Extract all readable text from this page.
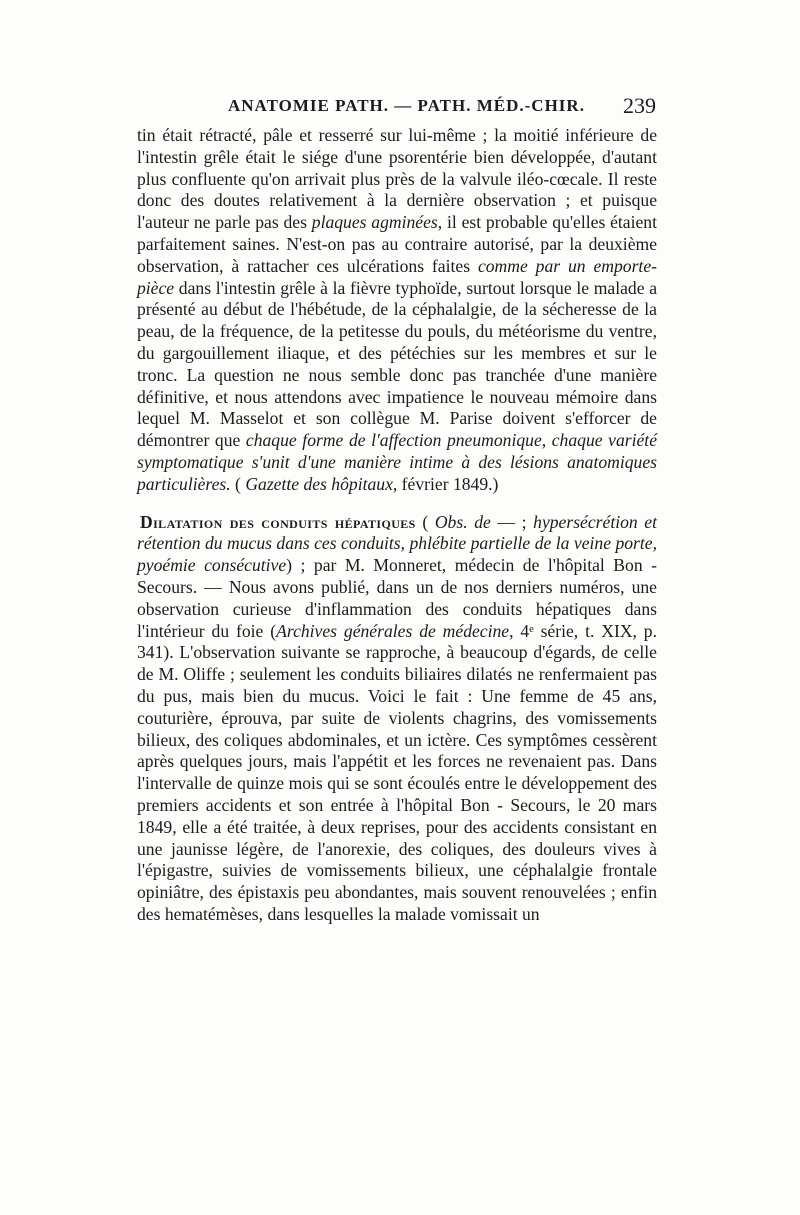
ANATOMIE PATH. — PATH. MÉD.-CHIR. 239

tin était rétracté, pâle et resserré sur lui-même ; la moitié inférieure de l'intestin grêle était le siége d'une psorentérie bien développée, d'autant plus confluente qu'on arrivait plus près de la valvule iléo-cœcale. Il reste donc des doutes relativement à la dernière observation ; et puisque l'auteur ne parle pas des plaques agminées, il est probable qu'elles étaient parfaitement saines. N'est-on pas au contraire autorisé, par la deuxième observation, à rattacher ces ulcérations faites comme par un emporte-pièce dans l'intestin grêle à la fièvre typhoïde, surtout lorsque le malade a présenté au début de l'hébétude, de la céphalalgie, de la sécheresse de la peau, de la fréquence, de la petitesse du pouls, du météorisme du ventre, du gargouillement iliaque, et des pétéchies sur les membres et sur le tronc. La question ne nous semble donc pas tranchée d'une manière définitive, et nous attendons avec impatience le nouveau mémoire dans lequel M. Masselot et son collègue M. Parise doivent s'efforcer de démontrer que chaque forme de l'affection pneumonique, chaque variété symptomatique s'unit d'une manière intime à des lésions anatomiques particulières. ( Gazette des hôpitaux, février 1849.)

Dilatation des conduits hépatiques ( Obs. de — ; hypersécrétion et rétention du mucus dans ces conduits, phlébite partielle de la veine porte, pyoémie consécutive) ; par M. Monneret, médecin de l'hôpital Bon - Secours. — Nous avons publié, dans un de nos derniers numéros, une observation curieuse d'inflammation des conduits hépatiques dans l'intérieur du foie (Archives générales de médecine, 4ᵉ série, t. XIX, p. 341). L'observation suivante se rapproche, à beaucoup d'égards, de celle de M. Oliffe ; seulement les conduits biliaires dilatés ne renfermaient pas du pus, mais bien du mucus. Voici le fait : Une femme de 45 ans, couturière, éprouva, par suite de violents chagrins, des vomissements bilieux, des coliques abdominales, et un ictère. Ces symptômes cessèrent après quelques jours, mais l'appétit et les forces ne revenaient pas. Dans l'intervalle de quinze mois qui se sont écoulés entre le développement des premiers accidents et son entrée à l'hôpital Bon - Secours, le 20 mars 1849, elle a été traitée, à deux reprises, pour des accidents consistant en une jaunisse légère, de l'anorexie, des coliques, des douleurs vives à l'épigastre, suivies de vomissements bilieux, une céphalalgie frontale opiniâtre, des épistaxis peu abondantes, mais souvent renouvelées ; enfin des hematémèses, dans lesquelles la malade vomissait un
